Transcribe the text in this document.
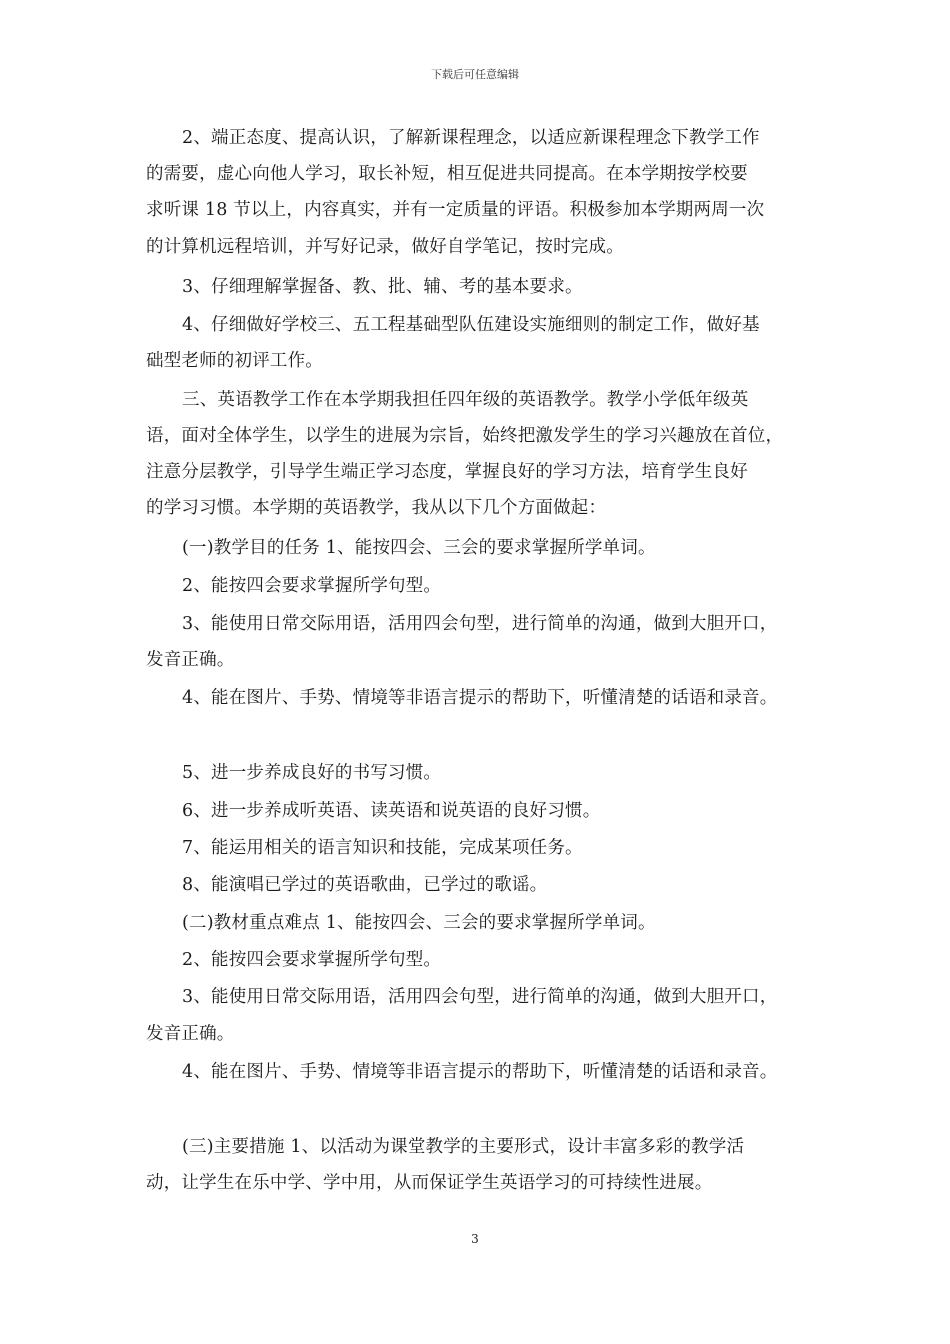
下载后可任意编辑
2、端正态度、提高认识，了解新课程理念，以适应新课程理念下教学工作
的需要，虚心向他人学习，取长补短，相互促进共同提高。在本学期按学校要
求听课 18 节以上，内容真实，并有一定质量的评语。积极参加本学期两周一次
的计算机远程培训，并写好记录，做好自学笔记，按时完成。
3、仔细理解掌握备、教、批、辅、考的基本要求。
4、仔细做好学校三、五工程基础型队伍建设实施细则的制定工作，做好基
础型老师的初评工作。
三、英语教学工作在本学期我担任四年级的英语教学。教学小学低年级英
语，面对全体学生，以学生的进展为宗旨，始终把激发学生的学习兴趣放在首位，
注意分层教学，引导学生端正学习态度，掌握良好的学习方法，培育学生良好
的学习习惯。本学期的英语教学，我从以下几个方面做起：
(一)教学目的任务 1、能按四会、三会的要求掌握所学单词。
2、能按四会要求掌握所学句型。
3、能使用日常交际用语，活用四会句型，进行简单的沟通，做到大胆开口，
发音正确。
4、能在图片、手势、情境等非语言提示的帮助下，听懂清楚的话语和录音。
5、进一步养成良好的书写习惯。
6、进一步养成听英语、读英语和说英语的良好习惯。
7、能运用相关的语言知识和技能，完成某项任务。
8、能演唱已学过的英语歌曲，已学过的歌谣。
(二)教材重点难点 1、能按四会、三会的要求掌握所学单词。
2、能按四会要求掌握所学句型。
3、能使用日常交际用语，活用四会句型，进行简单的沟通，做到大胆开口，
发音正确。
4、能在图片、手势、情境等非语言提示的帮助下，听懂清楚的话语和录音。
(三)主要措施 1、以活动为课堂教学的主要形式，设计丰富多彩的教学活
动，让学生在乐中学、学中用，从而保证学生英语学习的可持续性进展。
3
